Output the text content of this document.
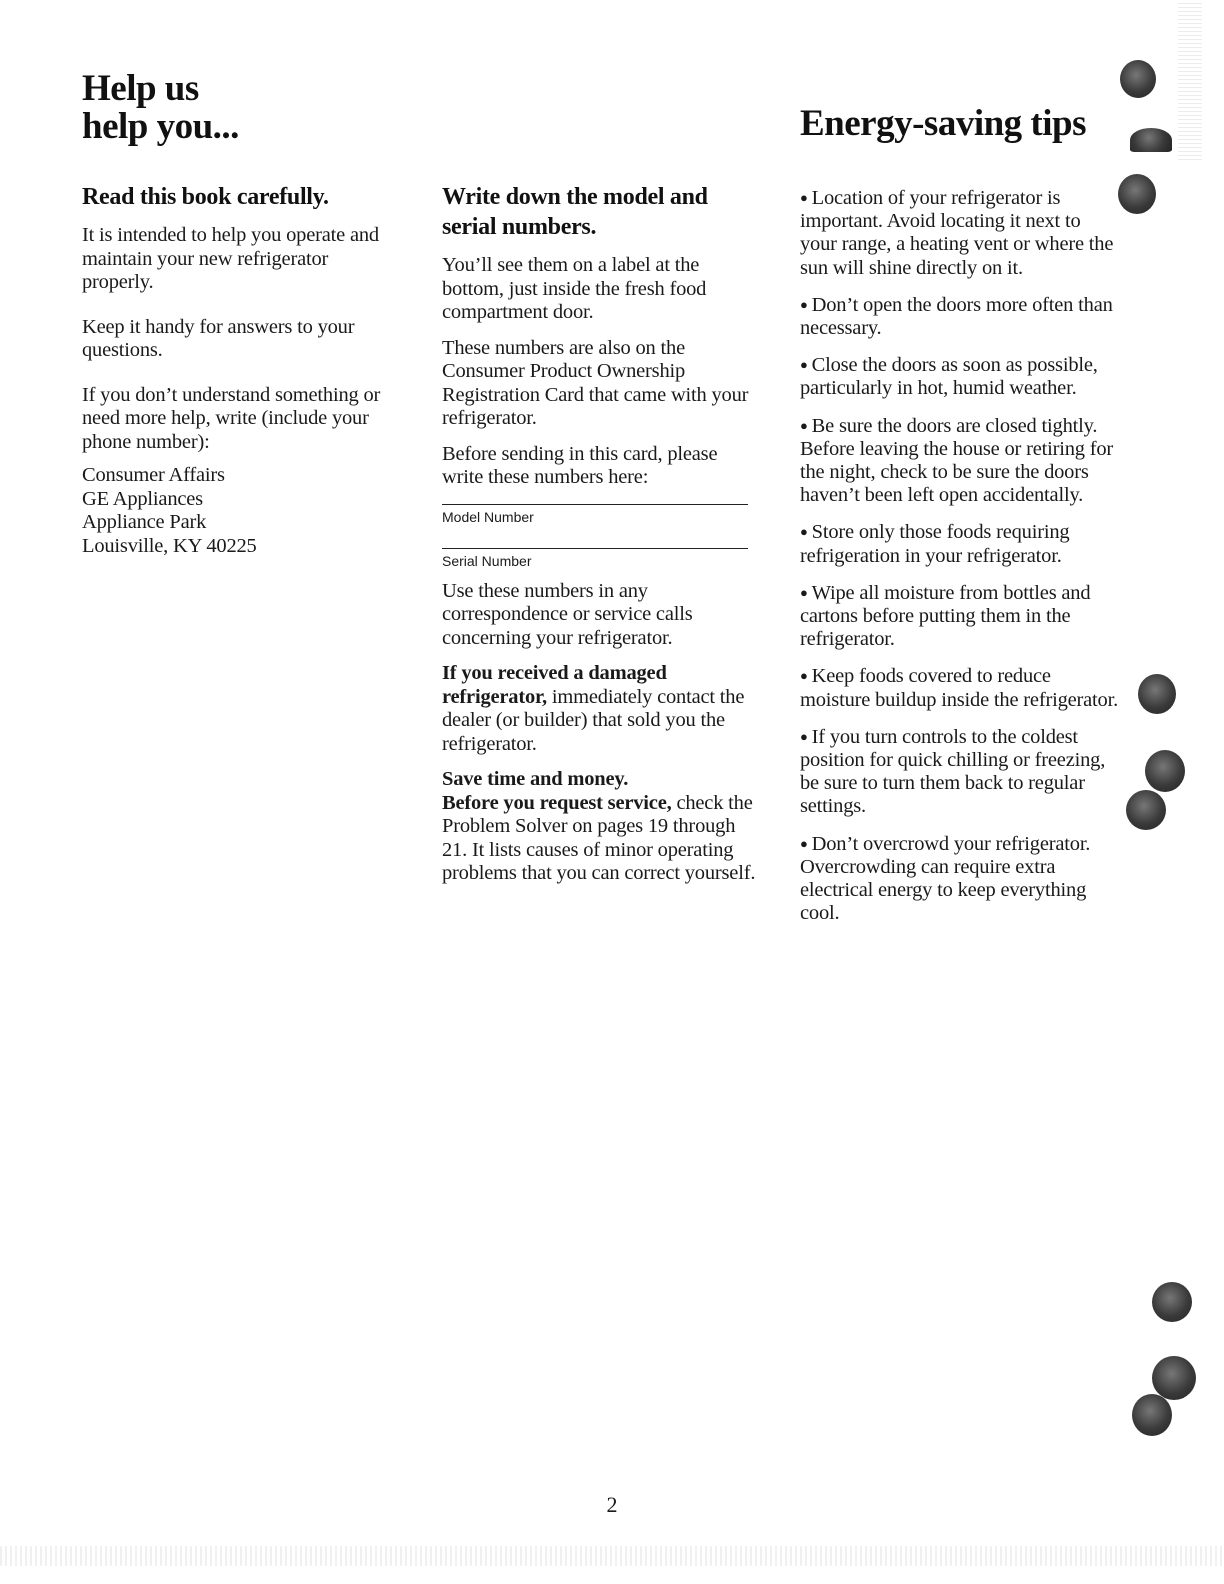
Help us
help you...	Energy-saving tips
Read this book carefully.

It is intended to help you operate and maintain your new refrigerator properly.

Keep it handy for answers to your questions.

If you don’t understand something or need more help, write (include your phone number):

Consumer Affairs
GE Appliances
Appliance Park
Louisville, KY 40225
Write down the model and serial numbers.

You’ll see them on a label at the bottom, just inside the fresh food compartment door.

These numbers are also on the Consumer Product Ownership Registration Card that came with your refrigerator.

Before sending in this card, please write these numbers here:

Model Number
Serial Number

Use these numbers in any correspondence or service calls concerning your refrigerator.

If you received a damaged refrigerator, immediately contact the dealer (or builder) that sold you the refrigerator.

Save time and money.

Before you request service, check the Problem Solver on pages 19 through 21. It lists causes of minor operating problems that you can correct yourself.

● Location of your refrigerator is important. Avoid locating it next to your range, a heating vent or where the sun will shine directly on it.

● Don’t open the doors more often than necessary.

● Close the doors as soon as possible, particularly in hot, humid weather.

● Be sure the doors are closed tightly. Before leaving the house or retiring for the night, check to be sure the doors haven’t been left open accidentally.

● Store only those foods requiring refrigeration in your refrigerator.

● Wipe all moisture from bottles and cartons before putting them in the refrigerator.

● Keep foods covered to reduce moisture buildup inside the refrigerator.

● If you turn controls to the coldest position for quick chilling or freezing, be sure to turn them back to regular settings.

● Don’t overcrowd your refrigerator. Overcrowding can require extra electrical energy to keep everything cool.

2
